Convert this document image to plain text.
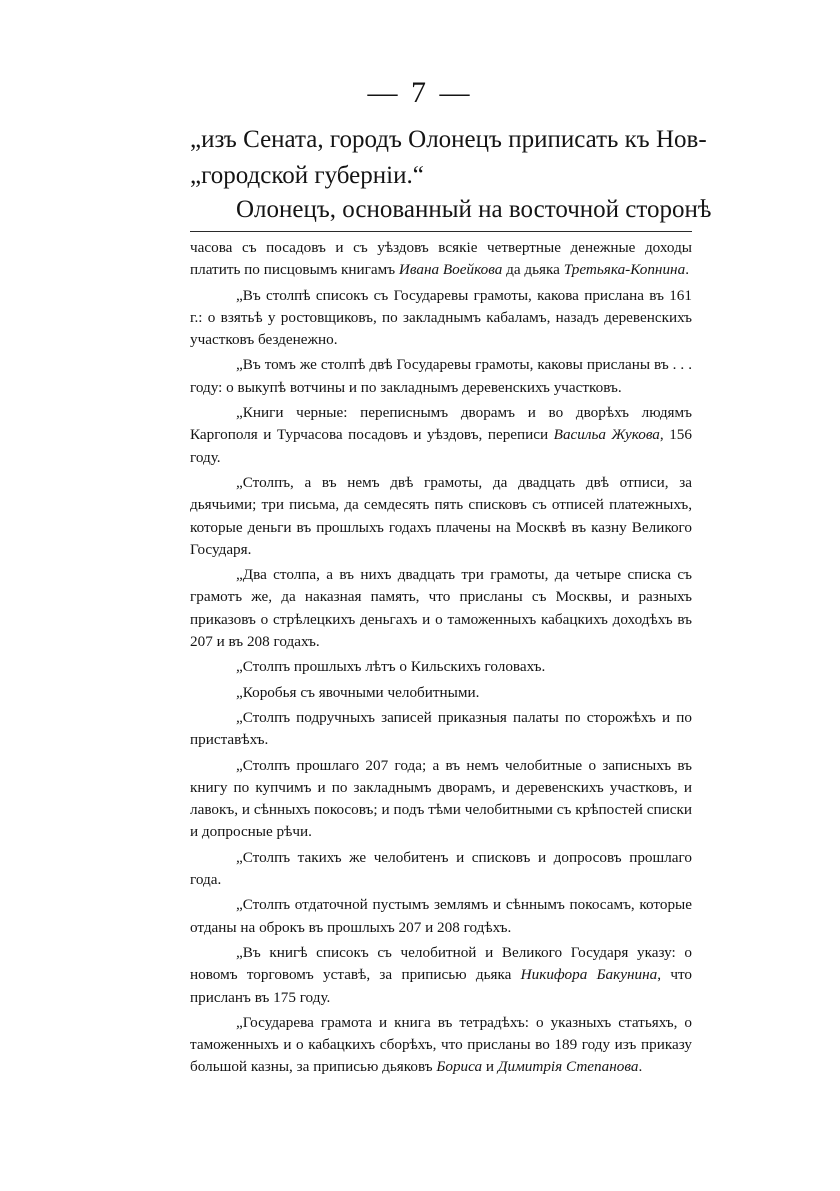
— 7 —
„изъ Сената, городъ Олонецъ приписать къ Нов-
„городской губерніи.“
Олонецъ, основанный на восточной сторонѣ

часова съ посадовъ и съ уѣздовъ всякіе четвертные денежные доходы платить по писцовымъ книгамъ Ивана Воейкова да дьяка Третьяка-Копнина.

„Въ столпѣ списокъ съ Государевы грамоты, какова прислана въ 161 г.: о взятьѣ у ростовщиковъ, по закладнымъ кабаламъ, назадъ деревенскихъ участковъ безденежно.

„Въ томъ же столпѣ двѣ Государевы грамоты, каковы присланы въ . . . году: о выкупѣ вотчины и по закладнымъ деревенскихъ участковъ.

„Книги черные: переписнымъ дворамъ и во дворѣхъ людямъ Каргополя и Турчасова посадовъ и уѣздовъ, переписи Васильа Жукова, 156 году.

„Столпъ, а въ немъ двѣ грамоты, да двадцать двѣ отписи, за дьячьими; три письма, да семдесять пять списковъ съ отписей платежныхъ, которые деньги въ прошлыхъ годахъ плачены на Москвѣ въ казну Великого Государя.

„Два столпа, а въ нихъ двадцать три грамоты, да четыре списка съ грамотъ же, да наказная память, что присланы съ Москвы, и разныхъ приказовъ о стрѣлецкихъ деньгахъ и о таможенныхъ кабацкихъ доходѣхъ въ 207 и въ 208 годахъ.

„Столпъ прошлыхъ лѣтъ о Кильскихъ головахъ.

„Коробья съ явочными челобитными.

„Столпъ подручныхъ записей приказныя палаты по сторожѣхъ и по приставѣхъ.

„Столпъ прошлаго 207 года; а въ немъ челобитные о записныхъ въ книгу по купчимъ и по закладнымъ дворамъ, и деревенскихъ участковъ, и лавокъ, и сѣнныхъ покосовъ; и подъ тѣми челобитными съ крѣпостей списки и допросные рѣчи.

„Столпъ такихъ же челобитенъ и списковъ и допросовъ прошлаго года.

„Столпъ отдаточной пустымъ землямъ и сѣннымъ покосамъ, которые отданы на оброкъ въ прошлыхъ 207 и 208 годѣхъ.

„Въ книгѣ списокъ съ челобитной и Великого Государя указу: о новомъ торговомъ уставѣ, за приписью дьяка Никифора Бакунина, что присланъ въ 175 году.

„Государева грамота и книга въ тетрадѣхъ: о указныхъ статьяхъ, о таможенныхъ и о кабацкихъ сборѣхъ, что присланы во 189 году изъ приказу большой казны, за приписью дьяковъ Бориса и Димитрія Степанова.
